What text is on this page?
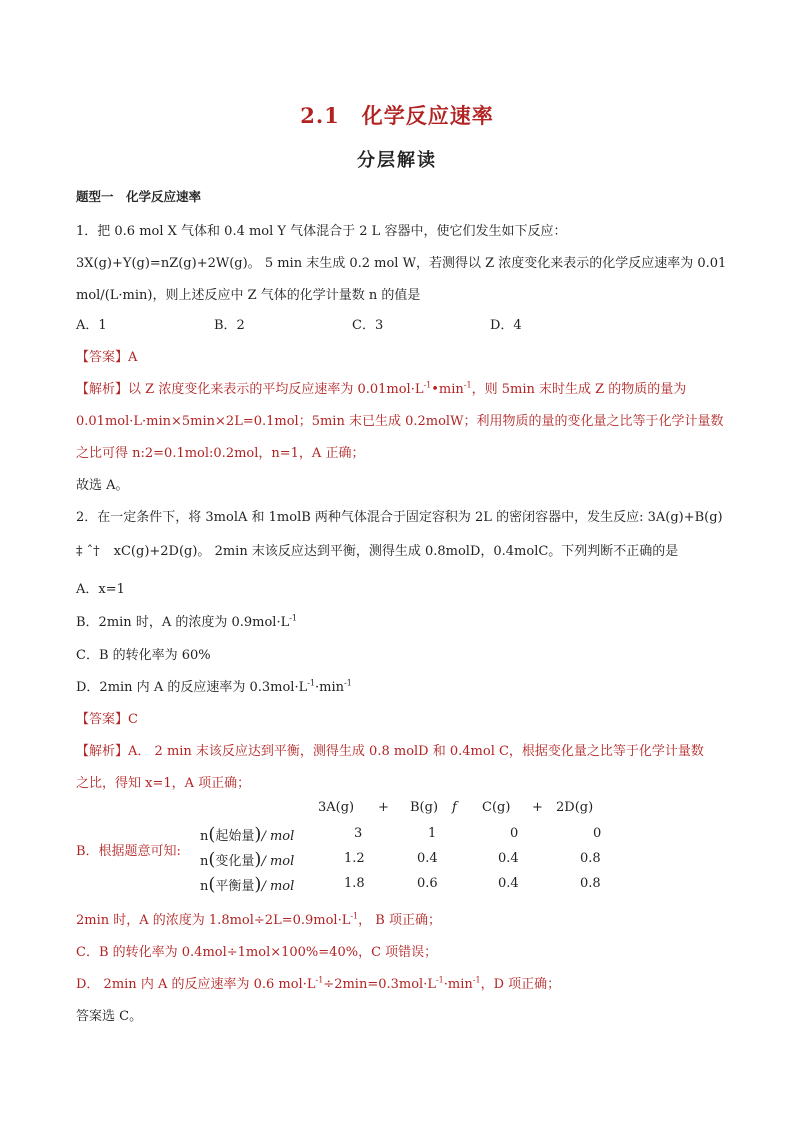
2.1　化学反应速率
分层解读
题型一　化学反应速率
1．把 0.6 mol X 气体和 0.4 mol Y 气体混合于 2 L 容器中，使它们发生如下反应：
3X(g)+Y(g)=nZ(g)+2W(g)。 5 min 末生成 0.2 mol W，若测得以 Z 浓度变化来表示的化学反应速率为 0.01
mol/(L·min)，则上述反应中 Z 气体的化学计量数 n 的值是
A．1	B．2	C．3	D．4
【答案】A
【解析】以 Z 浓度变化来表示的平均反应速率为 $0.01mol\cdot L^{-1}•\min^{-1}$，则 5min 末时生成 Z 的物质的量为
0.01mol·L·min×5min×2L=0.1mol；5min 末已生成 0.2molW；利用物质的量的变化量之比等于化学计量数
之比可得 n:2=0.1mol:0.2mol，n=1，A 正确；
故选 A。
2．在一定条件下，将 3molA 和 1molB 两种气体混合于固定容积为 2L 的密闭容器中，发生反应: 3A(g)+B(g)
‡ ˆ† xC(g)+2D(g)。 2min 末该反应达到平衡，测得生成 0.8molD，0.4molC。下列判断不正确的是
A．x=1
B．2min 时，A 的浓度为 $0.9mol\cdot L^{-1}$
C．B 的转化率为 60%
D．2min 内 A 的反应速率为 $0.3mol\cdot L^{-1}\cdot\min^{-1}$
【答案】C
【解析】A． 2 min 末该反应达到平衡，测得生成 0.8 molD 和 0.4mol C，根据变化量之比等于化学计量数
之比，得知 x=1，A 项正确；
B．根据题意可知:
3A(g) + B(g) f C(g) + 2D(g)
n(起始量)/ mol	3	1	0	0
n(变化量)/ mol	1.2	0.4	0.4	0.8
n(平衡量)/ mol	1.8	0.6	0.4	0.8
2min 时，A 的浓度为 $1.8mol\div 2L=0.9mol\cdot L^{-1}$， B 项正确；
C．B 的转化率为 0.4mol÷1mol×100%=40%，C 项错误；
D． 2min 内 A 的反应速率为 0.6 $mol\cdot L^{-1}\div 2\min=0.3mol\cdot L^{-1}\cdot\min^{-1}$，D 项正确；
答案选 C。
